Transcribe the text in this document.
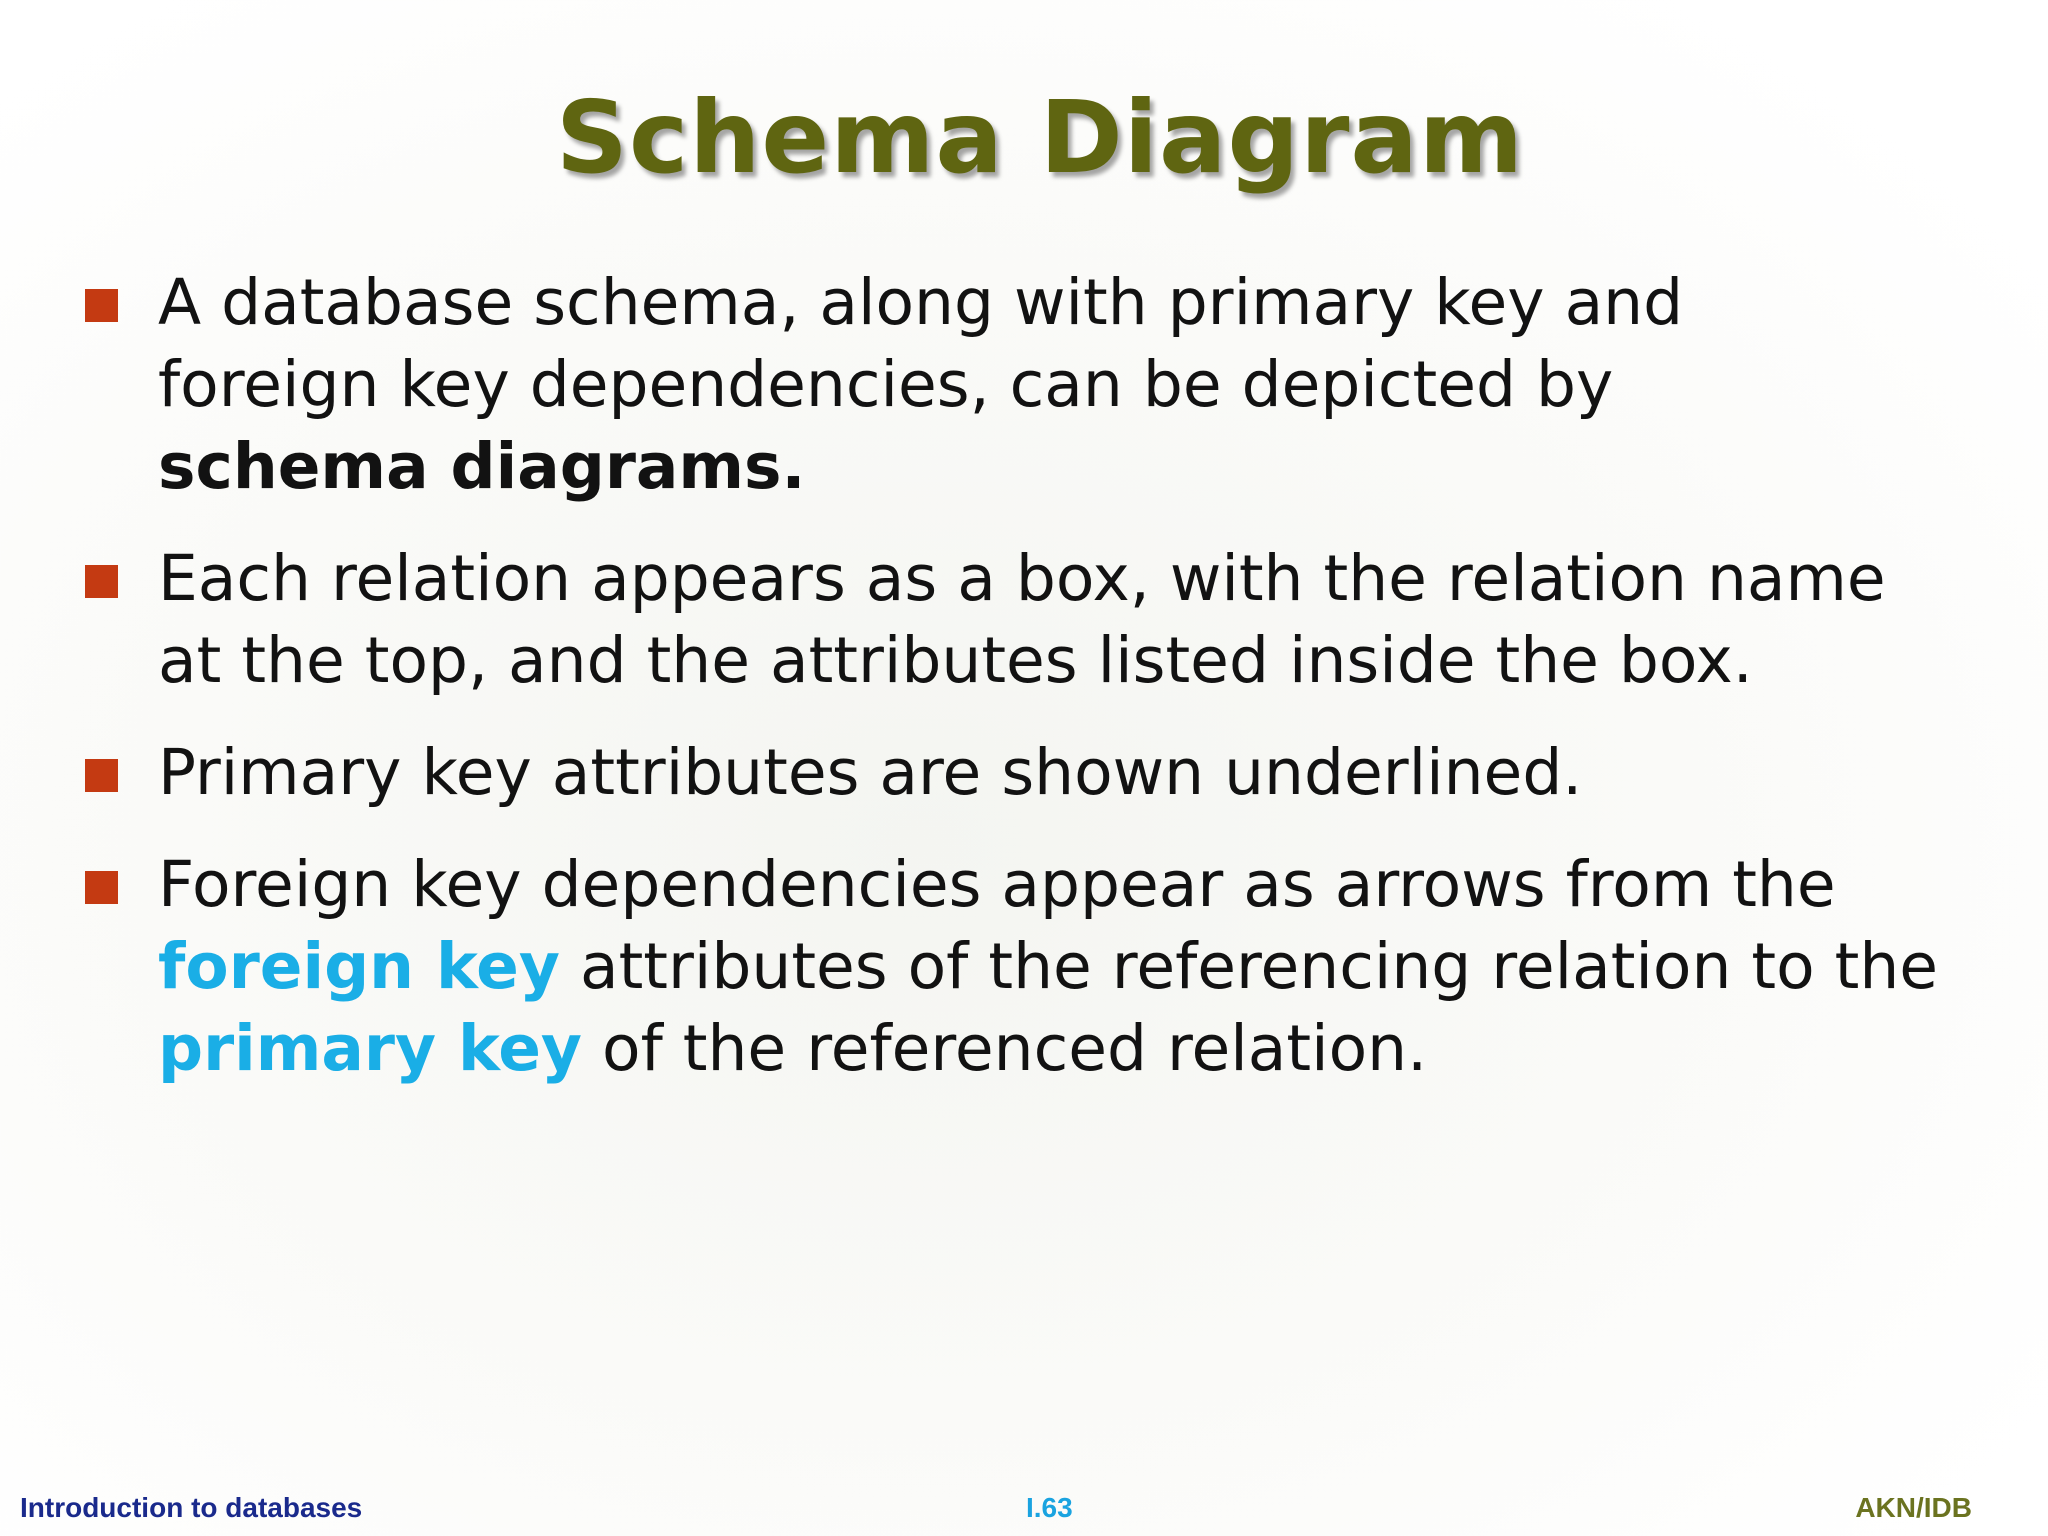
Schema Diagram
A database schema, along with primary key and foreign key dependencies, can be depicted by schema diagrams.
Each relation appears as a box, with the relation name at the top, and the attributes listed inside the box.
Primary key attributes are shown underlined.
Foreign key dependencies appear as arrows from the foreign key attributes of the referencing relation to the primary key of the referenced relation.
Introduction to databases	I.63	AKN/IDB
